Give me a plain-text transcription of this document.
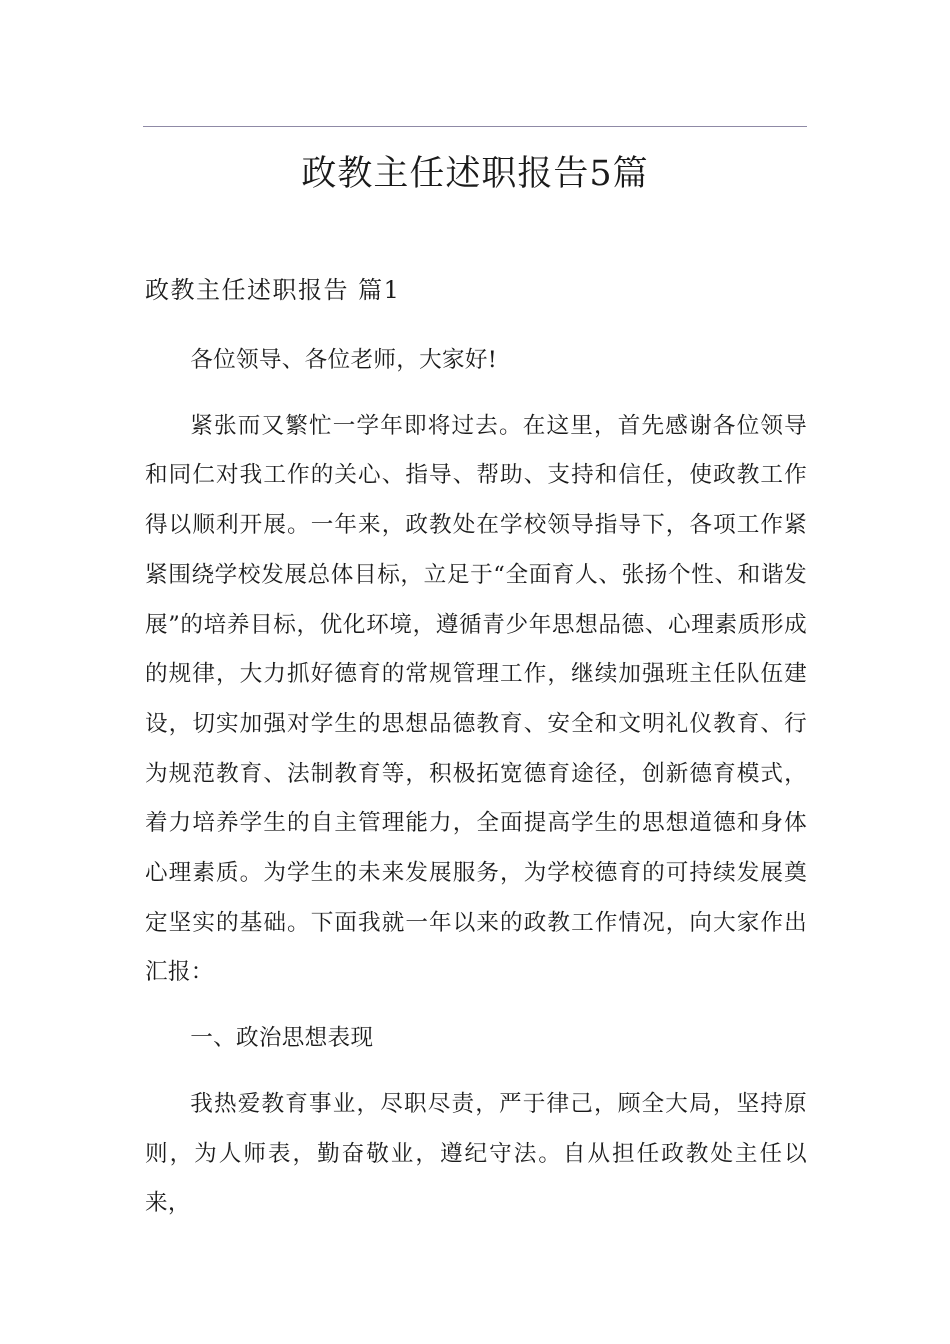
政教主任述职报告5篇
政教主任述职报告 篇1

各位领导、各位老师，大家好!

紧张而又繁忙一学年即将过去。在这里，首先感谢各位领导和同仁对我工作的关心、指导、帮助、支持和信任，使政教工作得以顺利开展。一年来，政教处在学校领导指导下，各项工作紧紧围绕学校发展总体目标，立足于“全面育人、张扬个性、和谐发展”的培养目标，优化环境，遵循青少年思想品德、心理素质形成的规律，大力抓好德育的常规管理工作，继续加强班主任队伍建设，切实加强对学生的思想品德教育、安全和文明礼仪教育、行为规范教育、法制教育等，积极拓宽德育途径，创新德育模式，着力培养学生的自主管理能力，全面提高学生的思想道德和身体心理素质。为学生的未来发展服务，为学校德育的可持续发展奠定坚实的基础。下面我就一年以来的政教工作情况，向大家作出汇报：

一、政治思想表现

我热爱教育事业，尽职尽责，严于律己，顾全大局，坚持原则，为人师表，勤奋敬业，遵纪守法。自从担任政教处主任以来，
